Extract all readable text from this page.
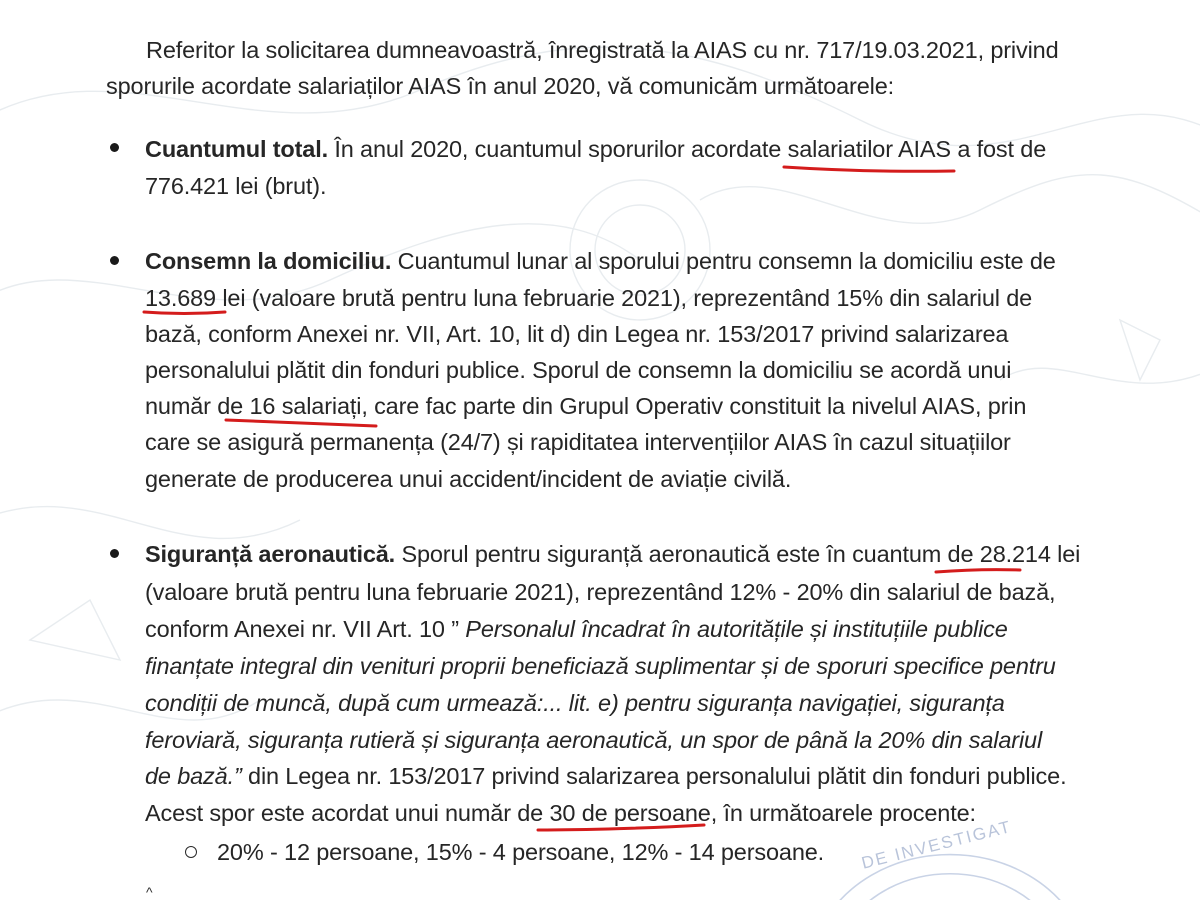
DE INVESTIGAT
Referitor la solicitarea dumneavoastră, înregistrată la AIAS cu nr. 717/19.03.2021, privind
sporurile acordate salariaților AIAS în anul 2020, vă comunicăm următoarele:
Cuantumul total. În anul 2020, cuantumul sporurilor acordate salariatilor AIAS a fost de
776.421 lei (brut).
Consemn la domiciliu. Cuantumul lunar al sporului pentru consemn la domiciliu este de
13.689 lei (valoare brută pentru luna februarie 2021), reprezentând 15% din salariul de
bază, conform Anexei nr. VII, Art. 10, lit d) din Legea nr. 153/2017 privind salarizarea
personalului plătit din fonduri publice. Sporul de consemn la domiciliu se acordă unui
număr de 16 salariați, care fac parte din Grupul Operativ constituit la nivelul AIAS, prin
care se asigură permanența (24/7) și rapiditatea intervențiilor AIAS în cazul situațiilor
generate de producerea unui accident/incident de aviație civilă.
Siguranță aeronautică. Sporul pentru siguranță aeronautică este în cuantum de 28.214 lei
(valoare brută pentru luna februarie 2021), reprezentând 12% - 20% din salariul de bază,
conform Anexei nr. VII Art. 10 ” Personalul încadrat în autoritățile și instituțiile publice
finanțate integral din venituri proprii beneficiază suplimentar și de sporuri specifice pentru
condiții de muncă, după cum urmează:... lit. e) pentru siguranța navigației, siguranța
feroviară, siguranța rutieră și siguranța aeronautică, un spor de până la 20% din salariul
de bază.” din Legea nr. 153/2017 privind salarizarea personalului plătit din fonduri publice.
Acest spor este acordat unui număr de 30 de persoane, în următoarele procente:
20% - 12 persoane, 15% - 4 persoane, 12% - 14 persoane.
^
